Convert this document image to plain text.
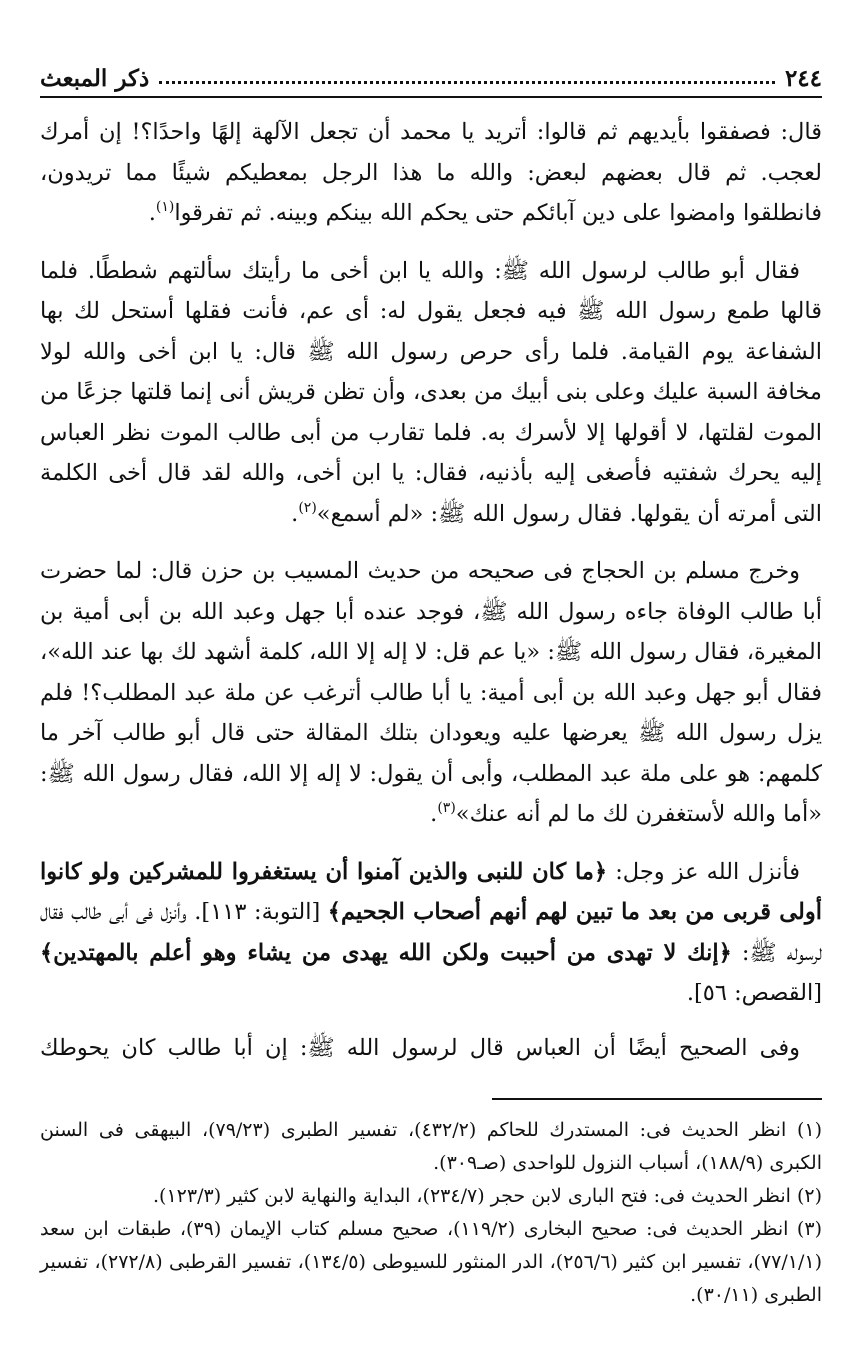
٢٤٤
ذكر المبعث

قال: فصفقوا بأيديهم ثم قالوا: أتريد يا محمد أن تجعل الآلهة إلهًا واحدًا؟! إن أمرك لعجب. ثم قال بعضهم لبعض: والله ما هذا الرجل بمعطيكم شيئًا مما تريدون، فانطلقوا وامضوا على دين آبائكم حتى يحكم الله بينكم وبينه. ثم تفرقوا$^{(١)}$.

فقال أبو طالب لرسول الله ﷺ: والله يا ابن أخى ما رأيتك سألتهم شططًا. فلما قالها طمع رسول الله ﷺ فيه فجعل يقول له: أى عم، فأنت فقلها أستحل لك بها الشفاعة يوم القيامة. فلما رأى حرص رسول الله ﷺ قال: يا ابن أخى والله لولا مخافة السبة عليك وعلى بنى أبيك من بعدى، وأن تظن قريش أنى إنما قلتها جزعًا من الموت لقلتها، لا أقولها إلا لأسرك به. فلما تقارب من أبى طالب الموت نظر العباس إليه يحرك شفتيه فأصغى إليه بأذنيه، فقال: يا ابن أخى، والله لقد قال أخى الكلمة التى أمرته أن يقولها. فقال رسول الله ﷺ: «لم أسمع»$^{(٢)}$.

وخرج مسلم بن الحجاج فى صحيحه من حديث المسيب بن حزن قال: لما حضرت أبا طالب الوفاة جاءه رسول الله ﷺ، فوجد عنده أبا جهل وعبد الله بن أبى أمية بن المغيرة، فقال رسول الله ﷺ: «يا عم قل: لا إله إلا الله، كلمة أشهد لك بها عند الله»، فقال أبو جهل وعبد الله بن أبى أمية: يا أبا طالب أترغب عن ملة عبد المطلب؟! فلم يزل رسول الله ﷺ يعرضها عليه ويعودان بتلك المقالة حتى قال أبو طالب آخر ما كلمهم: هو على ملة عبد المطلب، وأبى أن يقول: لا إله إلا الله، فقال رسول الله ﷺ: «أما والله لأستغفرن لك ما لم أنه عنك»$^{(٣)}$.

فأنزل الله عز وجل: ﴿ما كان للنبى والذين آمنوا أن يستغفروا للمشركين ولو كانوا أولى قربى من بعد ما تبين لهم أنهم أصحاب الجحيم﴾ [التوبة: ١١٣]. وأنزل فى أبى طالب فقال لرسوله ﷺ: ﴿إنك لا تهدى من أحببت ولكن الله يهدى من يشاء وهو أعلم بالمهتدين﴾ [القصص: ٥٦].

وفى الصحيح أيضًا أن العباس قال لرسول الله ﷺ: إن أبا طالب كان يحوطك

(١) انظر الحديث فى: المستدرك للحاكم (٤٣٢/٢)، تفسير الطبرى (٧٩/٢٣)، البيهقى فى السنن الكبرى (١٨٨/٩)، أسباب النزول للواحدى (صـ٣٠٩).

(٢) انظر الحديث فى: فتح البارى لابن حجر (٢٣٤/٧)، البداية والنهاية لابن كثير (١٢٣/٣).

(٣) انظر الحديث فى: صحيح البخارى (١١٩/٢)، صحيح مسلم كتاب الإيمان (٣٩)، طبقات ابن سعد (٧٧/١/١)، تفسير ابن كثير (٢٥٦/٦)، الدر المنثور للسيوطى (١٣٤/٥)، تفسير القرطبى (٢٧٢/٨)، تفسير الطبرى (٣٠/١١).
